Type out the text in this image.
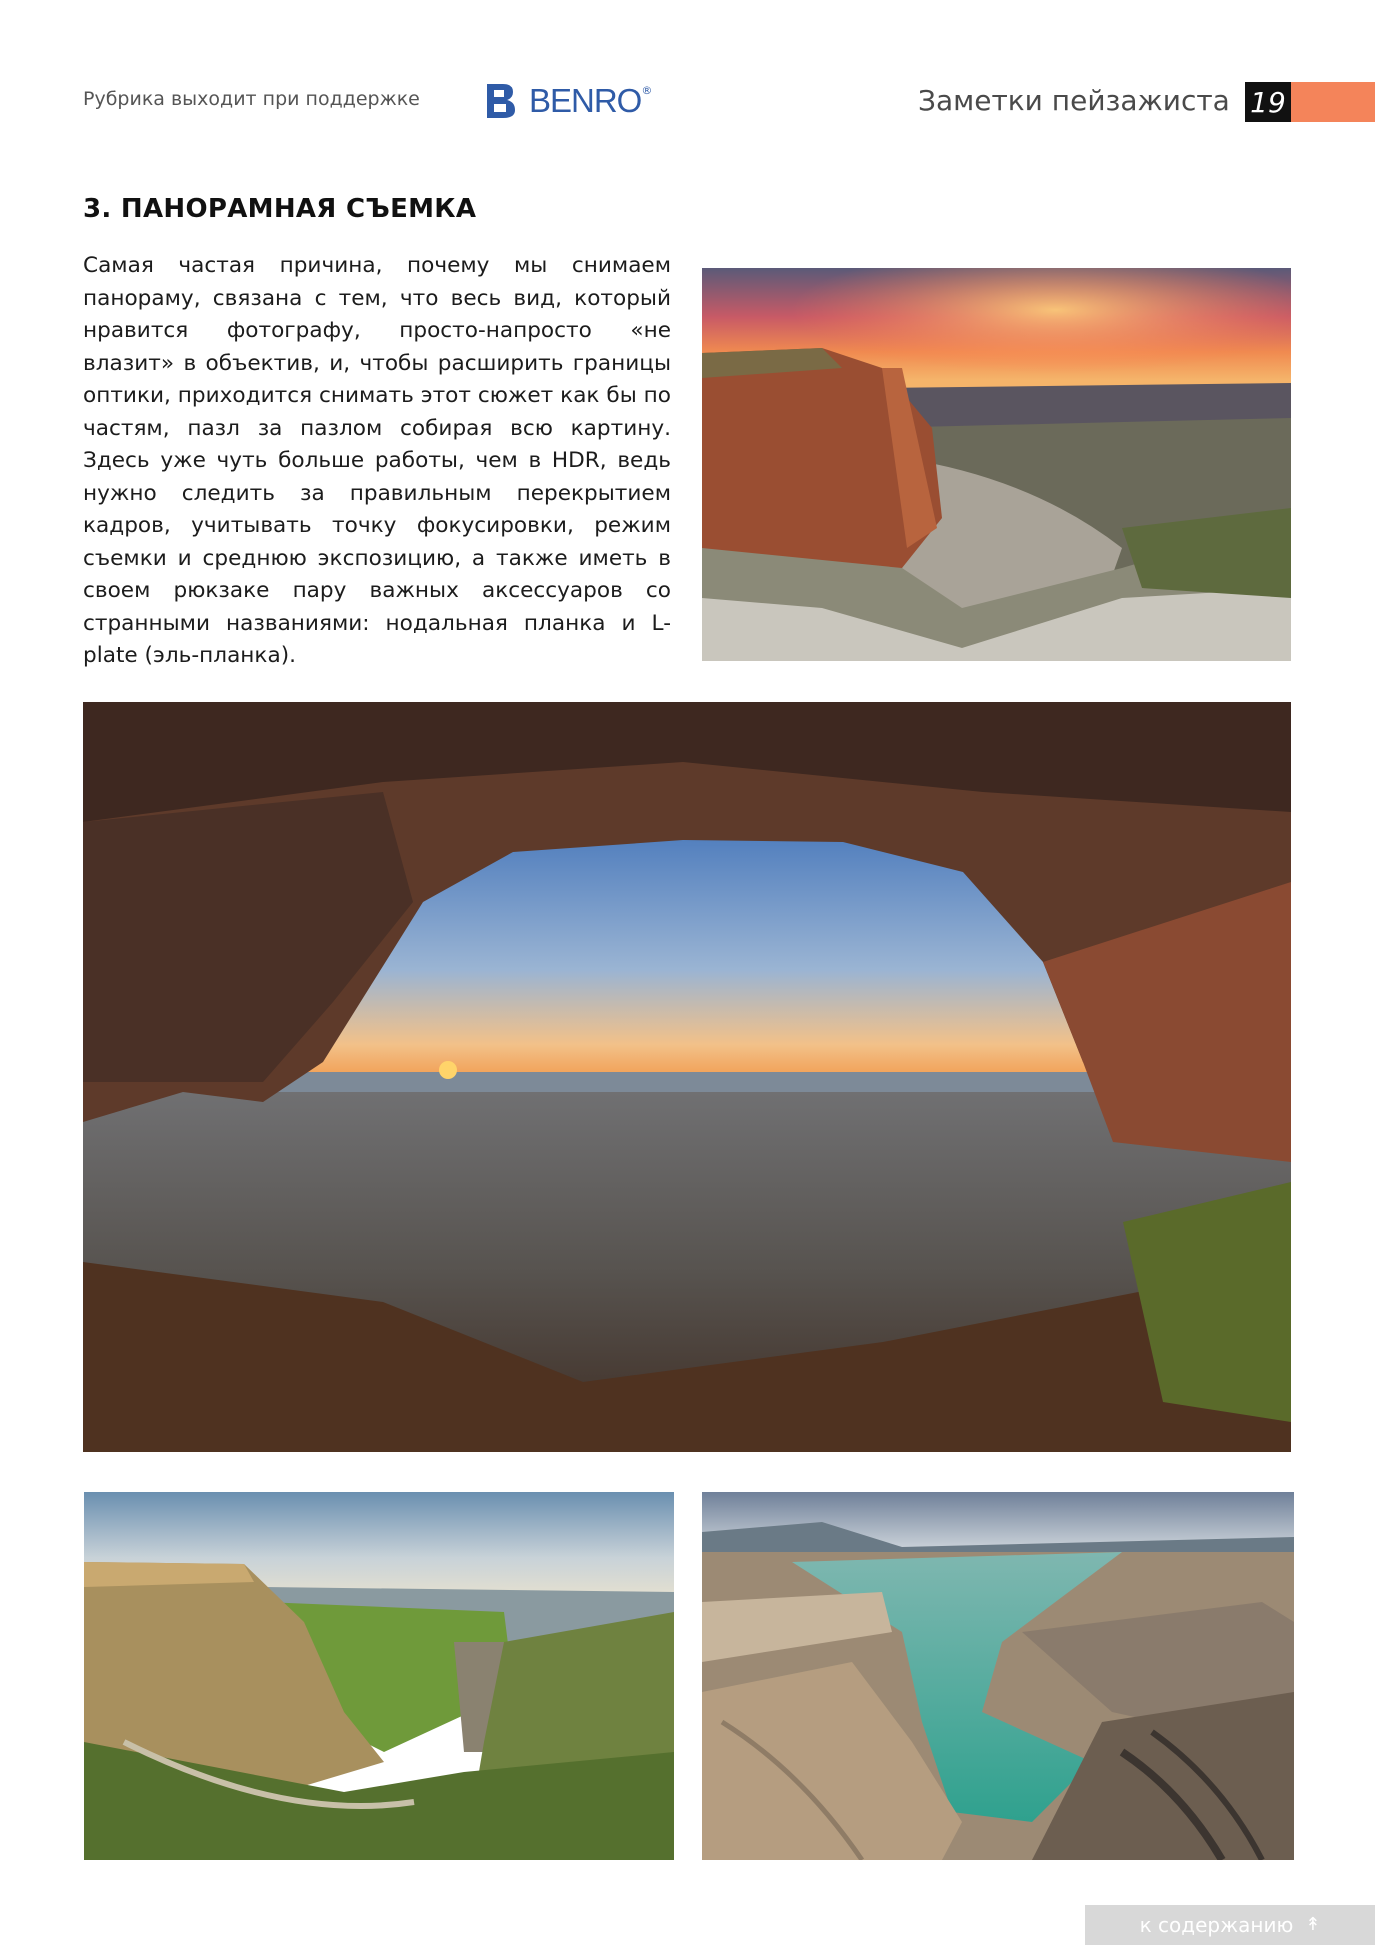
Рубрика выходит при поддержке	BENRO ®	Заметки пейзажиста 19
3. ПАНОРАМНАЯ СЪЕМКА
Самая частая причина, почему мы снимаем панораму, связана с тем, что весь вид, который нравится фотографу, просто-напросто «не влазит» в объектив, и, чтобы расширить границы оптики, приходится снимать этот сюжет как бы по частям, пазл за пазлом собирая всю картину. Здесь уже чуть больше работы, чем в HDR, ведь нужно следить за правильным перекрытием кадров, учитывать точку фокусировки, режим съемки и среднюю экспозицию, а также иметь в своем рюкзаке пару важных аксессуаров со странными названиями: нодальная планка и L-plate (эль-планка).
к содержанию ↟
